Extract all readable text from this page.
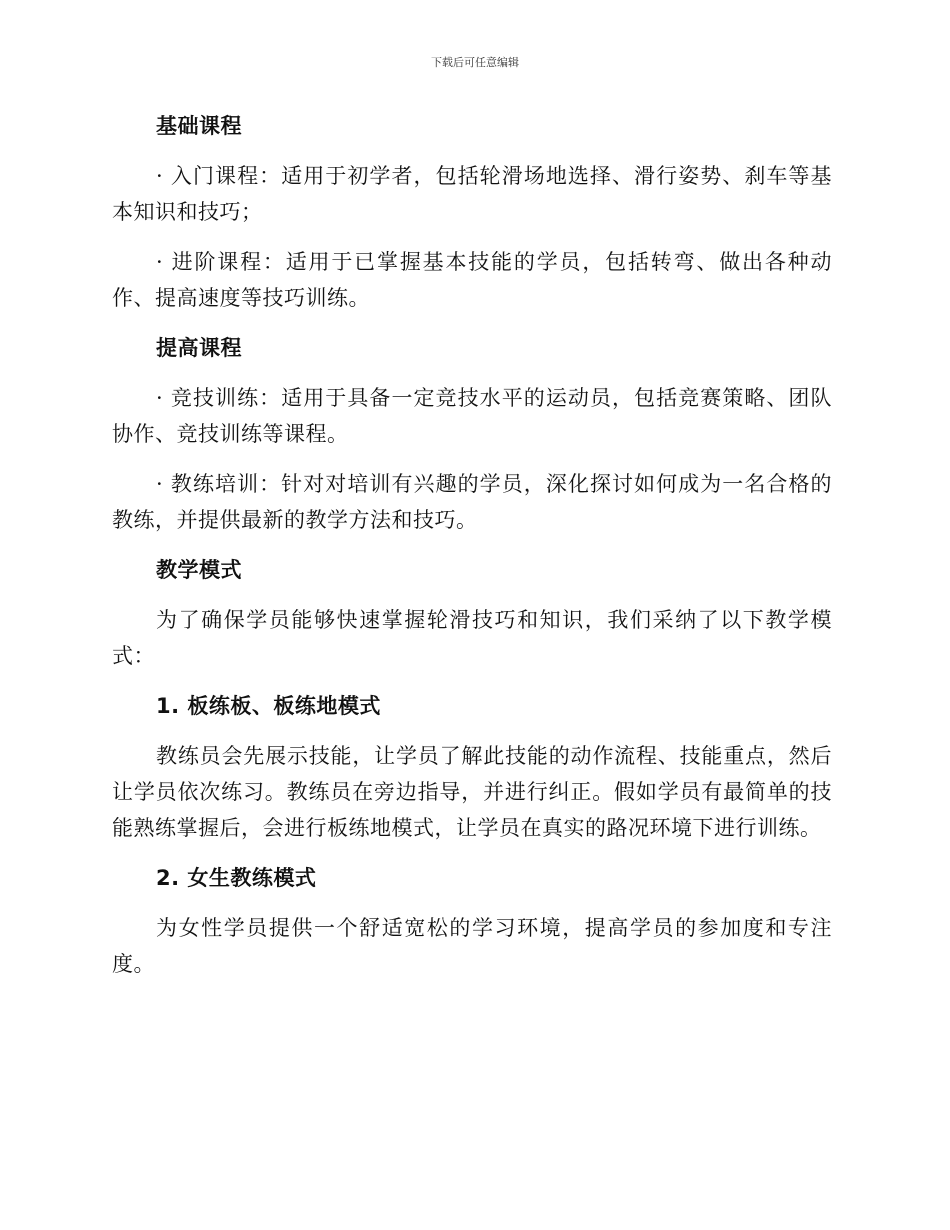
下载后可任意编辑
基础课程
· 入门课程：适用于初学者，包括轮滑场地选择、滑行姿势、刹车等基本知识和技巧；
· 进阶课程：适用于已掌握基本技能的学员，包括转弯、做出各种动作、提高速度等技巧训练。
提高课程
· 竞技训练：适用于具备一定竞技水平的运动员，包括竞赛策略、团队协作、竞技训练等课程。
· 教练培训：针对对培训有兴趣的学员，深化探讨如何成为一名合格的教练，并提供最新的教学方法和技巧。
教学模式
为了确保学员能够快速掌握轮滑技巧和知识，我们采纳了以下教学模式：
1. 板练板、板练地模式
教练员会先展示技能，让学员了解此技能的动作流程、技能重点，然后让学员依次练习。教练员在旁边指导，并进行纠正。假如学员有最简单的技能熟练掌握后，会进行板练地模式，让学员在真实的路况环境下进行训练。
2. 女生教练模式
为女性学员提供一个舒适宽松的学习环境，提高学员的参加度和专注度。
